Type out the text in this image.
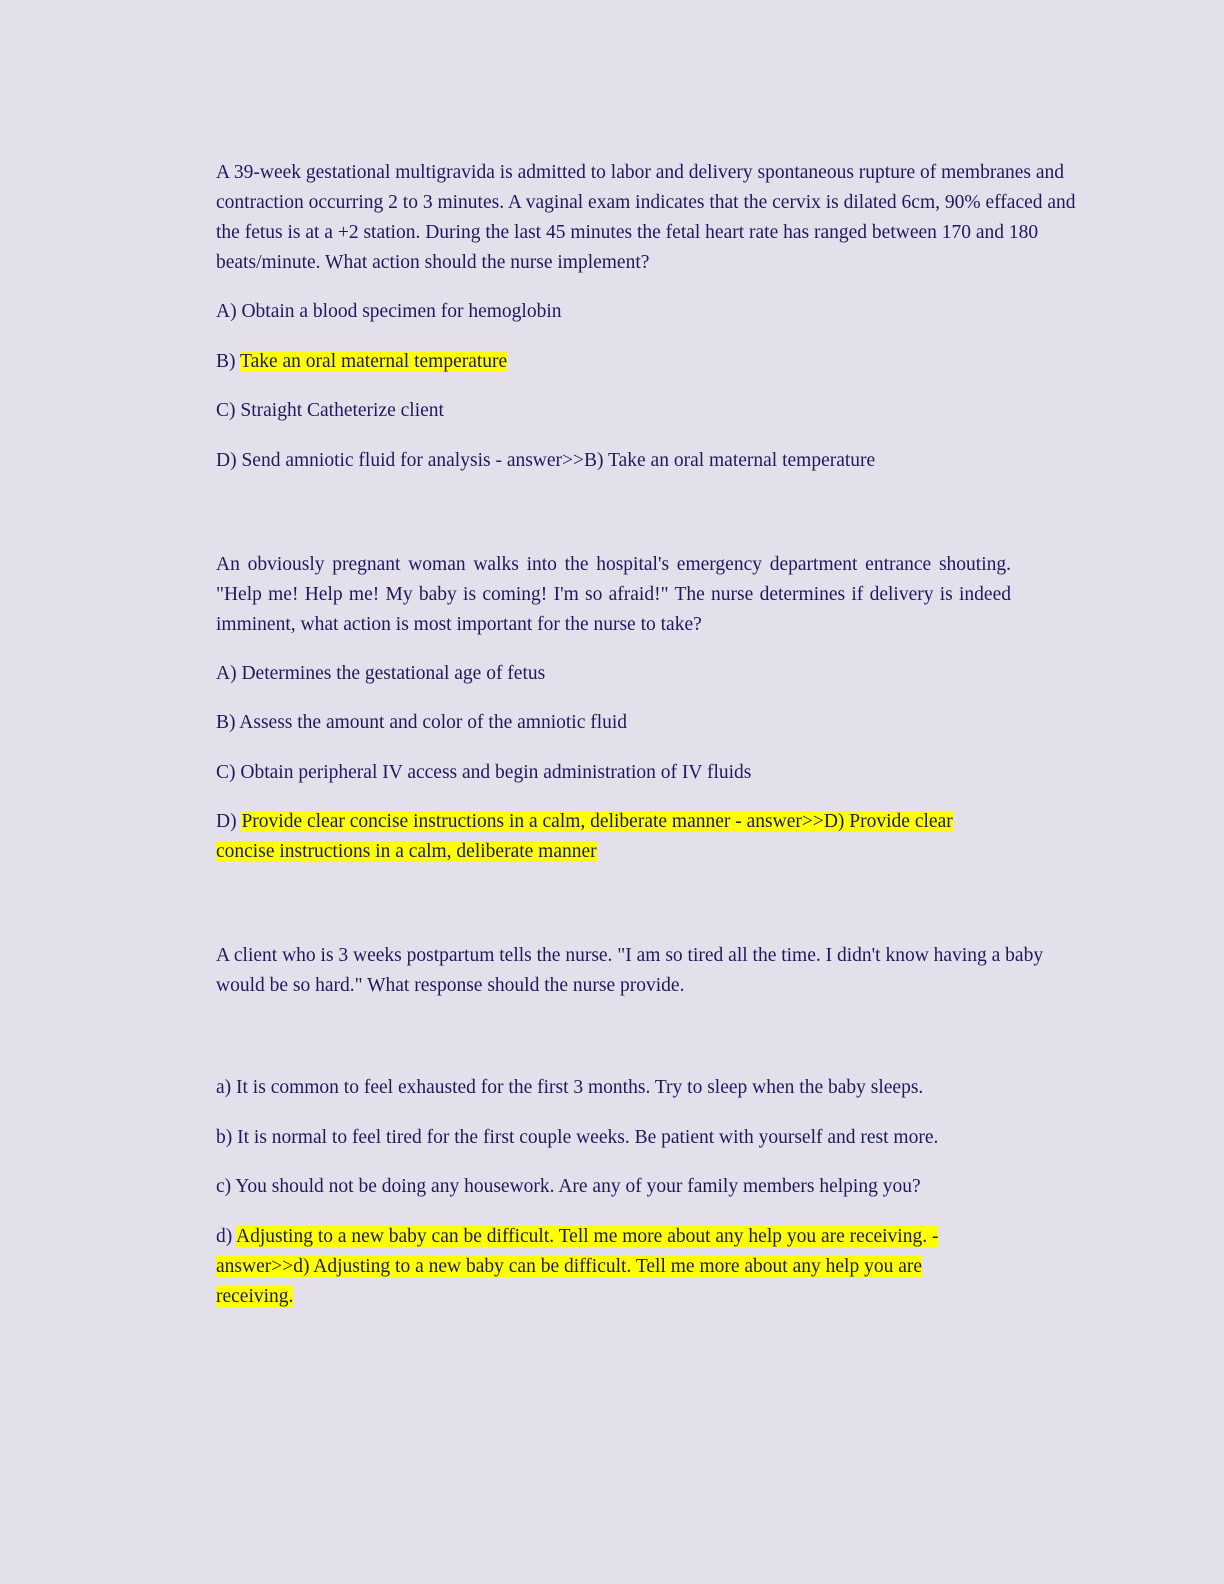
A 39-week gestational multigravida is admitted to labor and delivery spontaneous rupture of membranes and contraction occurring 2 to 3 minutes. A vaginal exam indicates that the cervix is dilated 6cm, 90% effaced and the fetus is at a +2 station. During the last 45 minutes the fetal heart rate has ranged between 170 and 180 beats/minute. What action should the nurse implement?

A) Obtain a blood specimen for hemoglobin

B) Take an oral maternal temperature

C) Straight Catheterize client

D) Send amniotic fluid for analysis - answer>>B) Take an oral maternal temperature

An obviously pregnant woman walks into the hospital's emergency department entrance shouting. "Help me! Help me! My baby is coming! I'm so afraid!" The nurse determines if delivery is indeed imminent, what action is most important for the nurse to take?

A) Determines the gestational age of fetus

B) Assess the amount and color of the amniotic fluid

C) Obtain peripheral IV access and begin administration of IV fluids

D) Provide clear concise instructions in a calm, deliberate manner - answer>>D) Provide clear concise instructions in a calm, deliberate manner

A client who is 3 weeks postpartum tells the nurse. "I am so tired all the time. I didn't know having a baby would be so hard." What response should the nurse provide.

a) It is common to feel exhausted for the first 3 months. Try to sleep when the baby sleeps.

b) It is normal to feel tired for the first couple weeks. Be patient with yourself and rest more.

c) You should not be doing any housework. Are any of your family members helping you?

d) Adjusting to a new baby can be difficult. Tell me more about any help you are receiving. - answer>>d) Adjusting to a new baby can be difficult. Tell me more about any help you are receiving.
